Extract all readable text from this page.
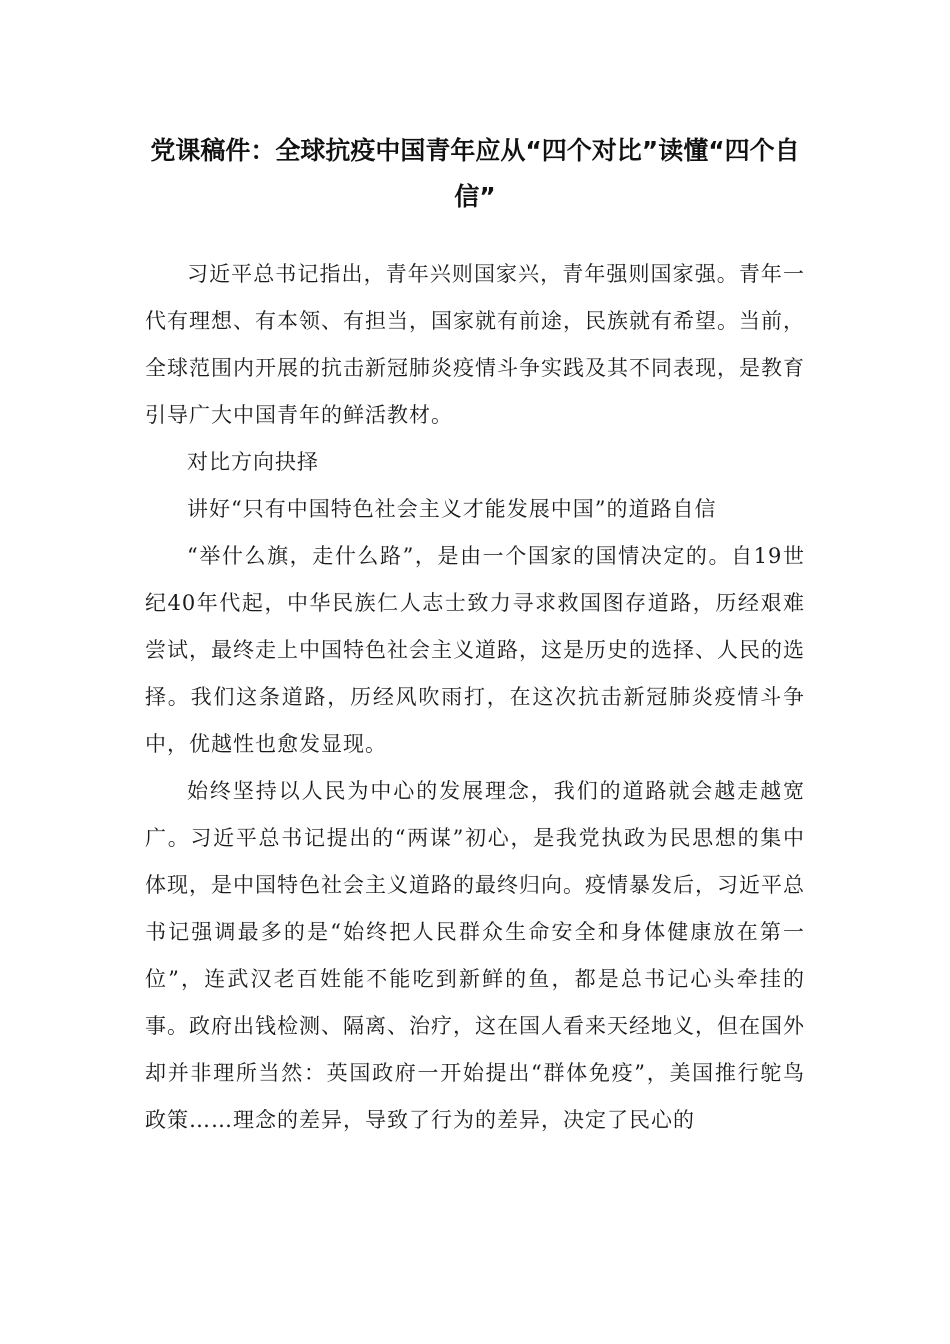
党课稿件：全球抗疫中国青年应从“四个对比”读懂“四个自信”

习近平总书记指出，青年兴则国家兴，青年强则国家强。青年一代有理想、有本领、有担当，国家就有前途，民族就有希望。当前，全球范围内开展的抗击新冠肺炎疫情斗争实践及其不同表现，是教育引导广大中国青年的鲜活教材。

对比方向抉择

讲好“只有中国特色社会主义才能发展中国”的道路自信

“举什么旗，走什么路”，是由一个国家的国情决定的。自19世纪40年代起，中华民族仁人志士致力寻求救国图存道路，历经艰难尝试，最终走上中国特色社会主义道路，这是历史的选择、人民的选择。我们这条道路，历经风吹雨打，在这次抗击新冠肺炎疫情斗争中，优越性也愈发显现。

始终坚持以人民为中心的发展理念，我们的道路就会越走越宽广。习近平总书记提出的“两谋”初心，是我党执政为民思想的集中体现，是中国特色社会主义道路的最终归向。疫情暴发后，习近平总书记强调最多的是“始终把人民群众生命安全和身体健康放在第一位”，连武汉老百姓能不能吃到新鲜的鱼，都是总书记心头牵挂的事。政府出钱检测、隔离、治疗，这在国人看来天经地义，但在国外却并非理所当然：英国政府一开始提出“群体免疫”，美国推行鸵鸟政策……理念的差异，导致了行为的差异，决定了民心的
